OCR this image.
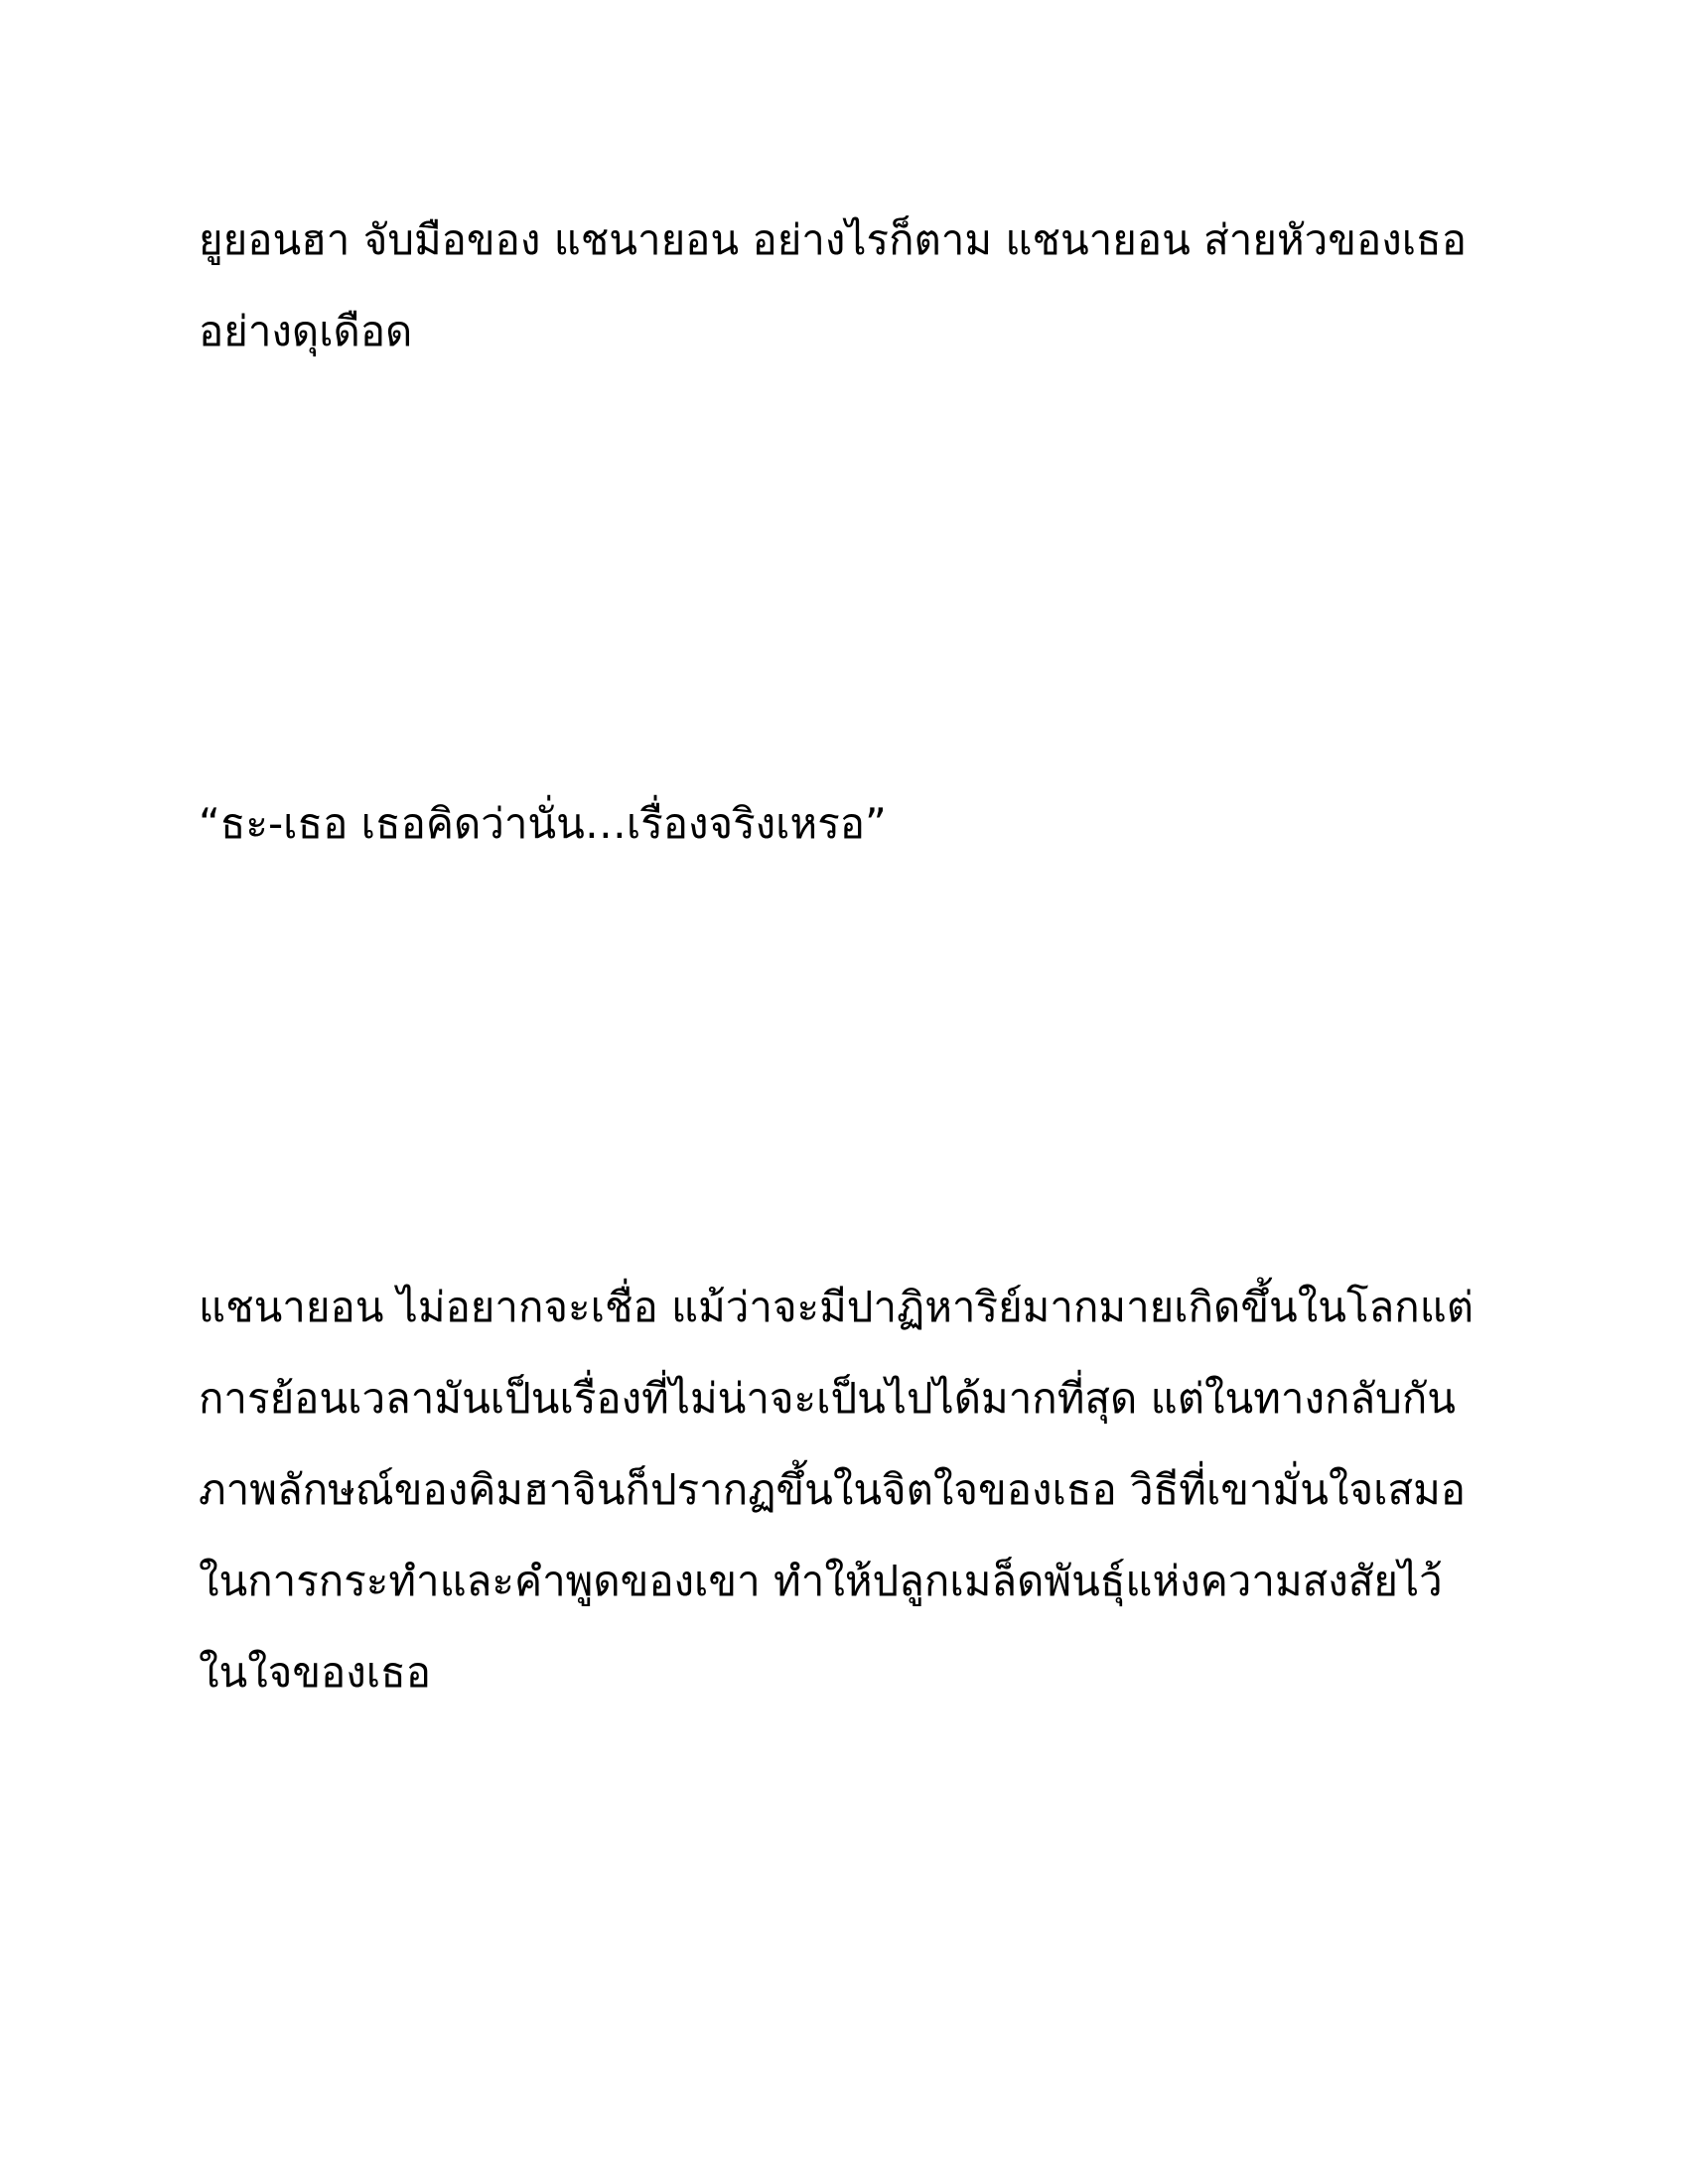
ยูยอนฮา จับมือของ แชนายอน อย่างไรก็ตาม แชนายอน ส่ายหัวของเธอ
อย่างดุเดือด

“ธะ-เธอ เธอคิดว่านั่น…เรื่องจริงเหรอ”

แชนายอน ไม่อยากจะเชื่อ แม้ว่าจะมีปาฏิหาริย์มากมายเกิดขึ้นในโลกแต่
การย้อนเวลามันเป็นเรื่องที่ไม่น่าจะเป็นไปได้มากที่สุด แต่ในทางกลับกัน
ภาพลักษณ์ของคิมฮาจินก็ปรากฏขึ้นในจิตใจของเธอ วิธีที่เขามั่นใจเสมอ
ในการกระทำและคำพูดของเขา ทำให้ปลูกเมล็ดพันธุ์แห่งความสงสัยไว้
ในใจของเธอ
